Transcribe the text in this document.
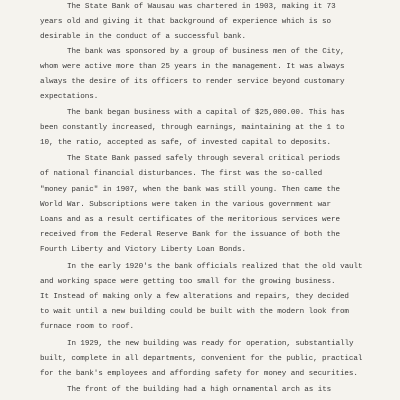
The State Bank of Wausau was chartered in 1903, making it 73

years old and giving it that background of experience which is so

desirable in the conduct of a successful bank.

The bank was sponsored by a group of business men of the City,

whom were active more than 25 years in the management. It was always

always the desire of its officers to render service beyond customary

expectations.

The bank began business with a capital of $25,000.00. This has

been constantly increased, through earnings, maintaining at the 1 to

10, the ratio, accepted as safe, of invested capital to deposits.

The State Bank passed safely through several critical periods

of national financial disturbances. The first was the so-called

"money panic" in 1907, when the bank was still young. Then came the

World War. Subscriptions were taken in the various government war

Loans and as a result certificates of the meritorious services were

received from the Federal Reserve Bank for the issuance of both the

Fourth Liberty and Victory Liberty Loan Bonds.

In the early 1920's the bank officials realized that the old vault

and working space were getting too small for the growing business.

It Instead of making only a few alterations and repairs, they decided

to wait until a new building could be built with the modern look from

furnace room to roof.

In 1929, the new building was ready for operation, substantially

built, complete in all departments, convenient for the public, practical

for the bank's employees and affording safety for money and securities.

The front of the building had a high ornamental arch as its
